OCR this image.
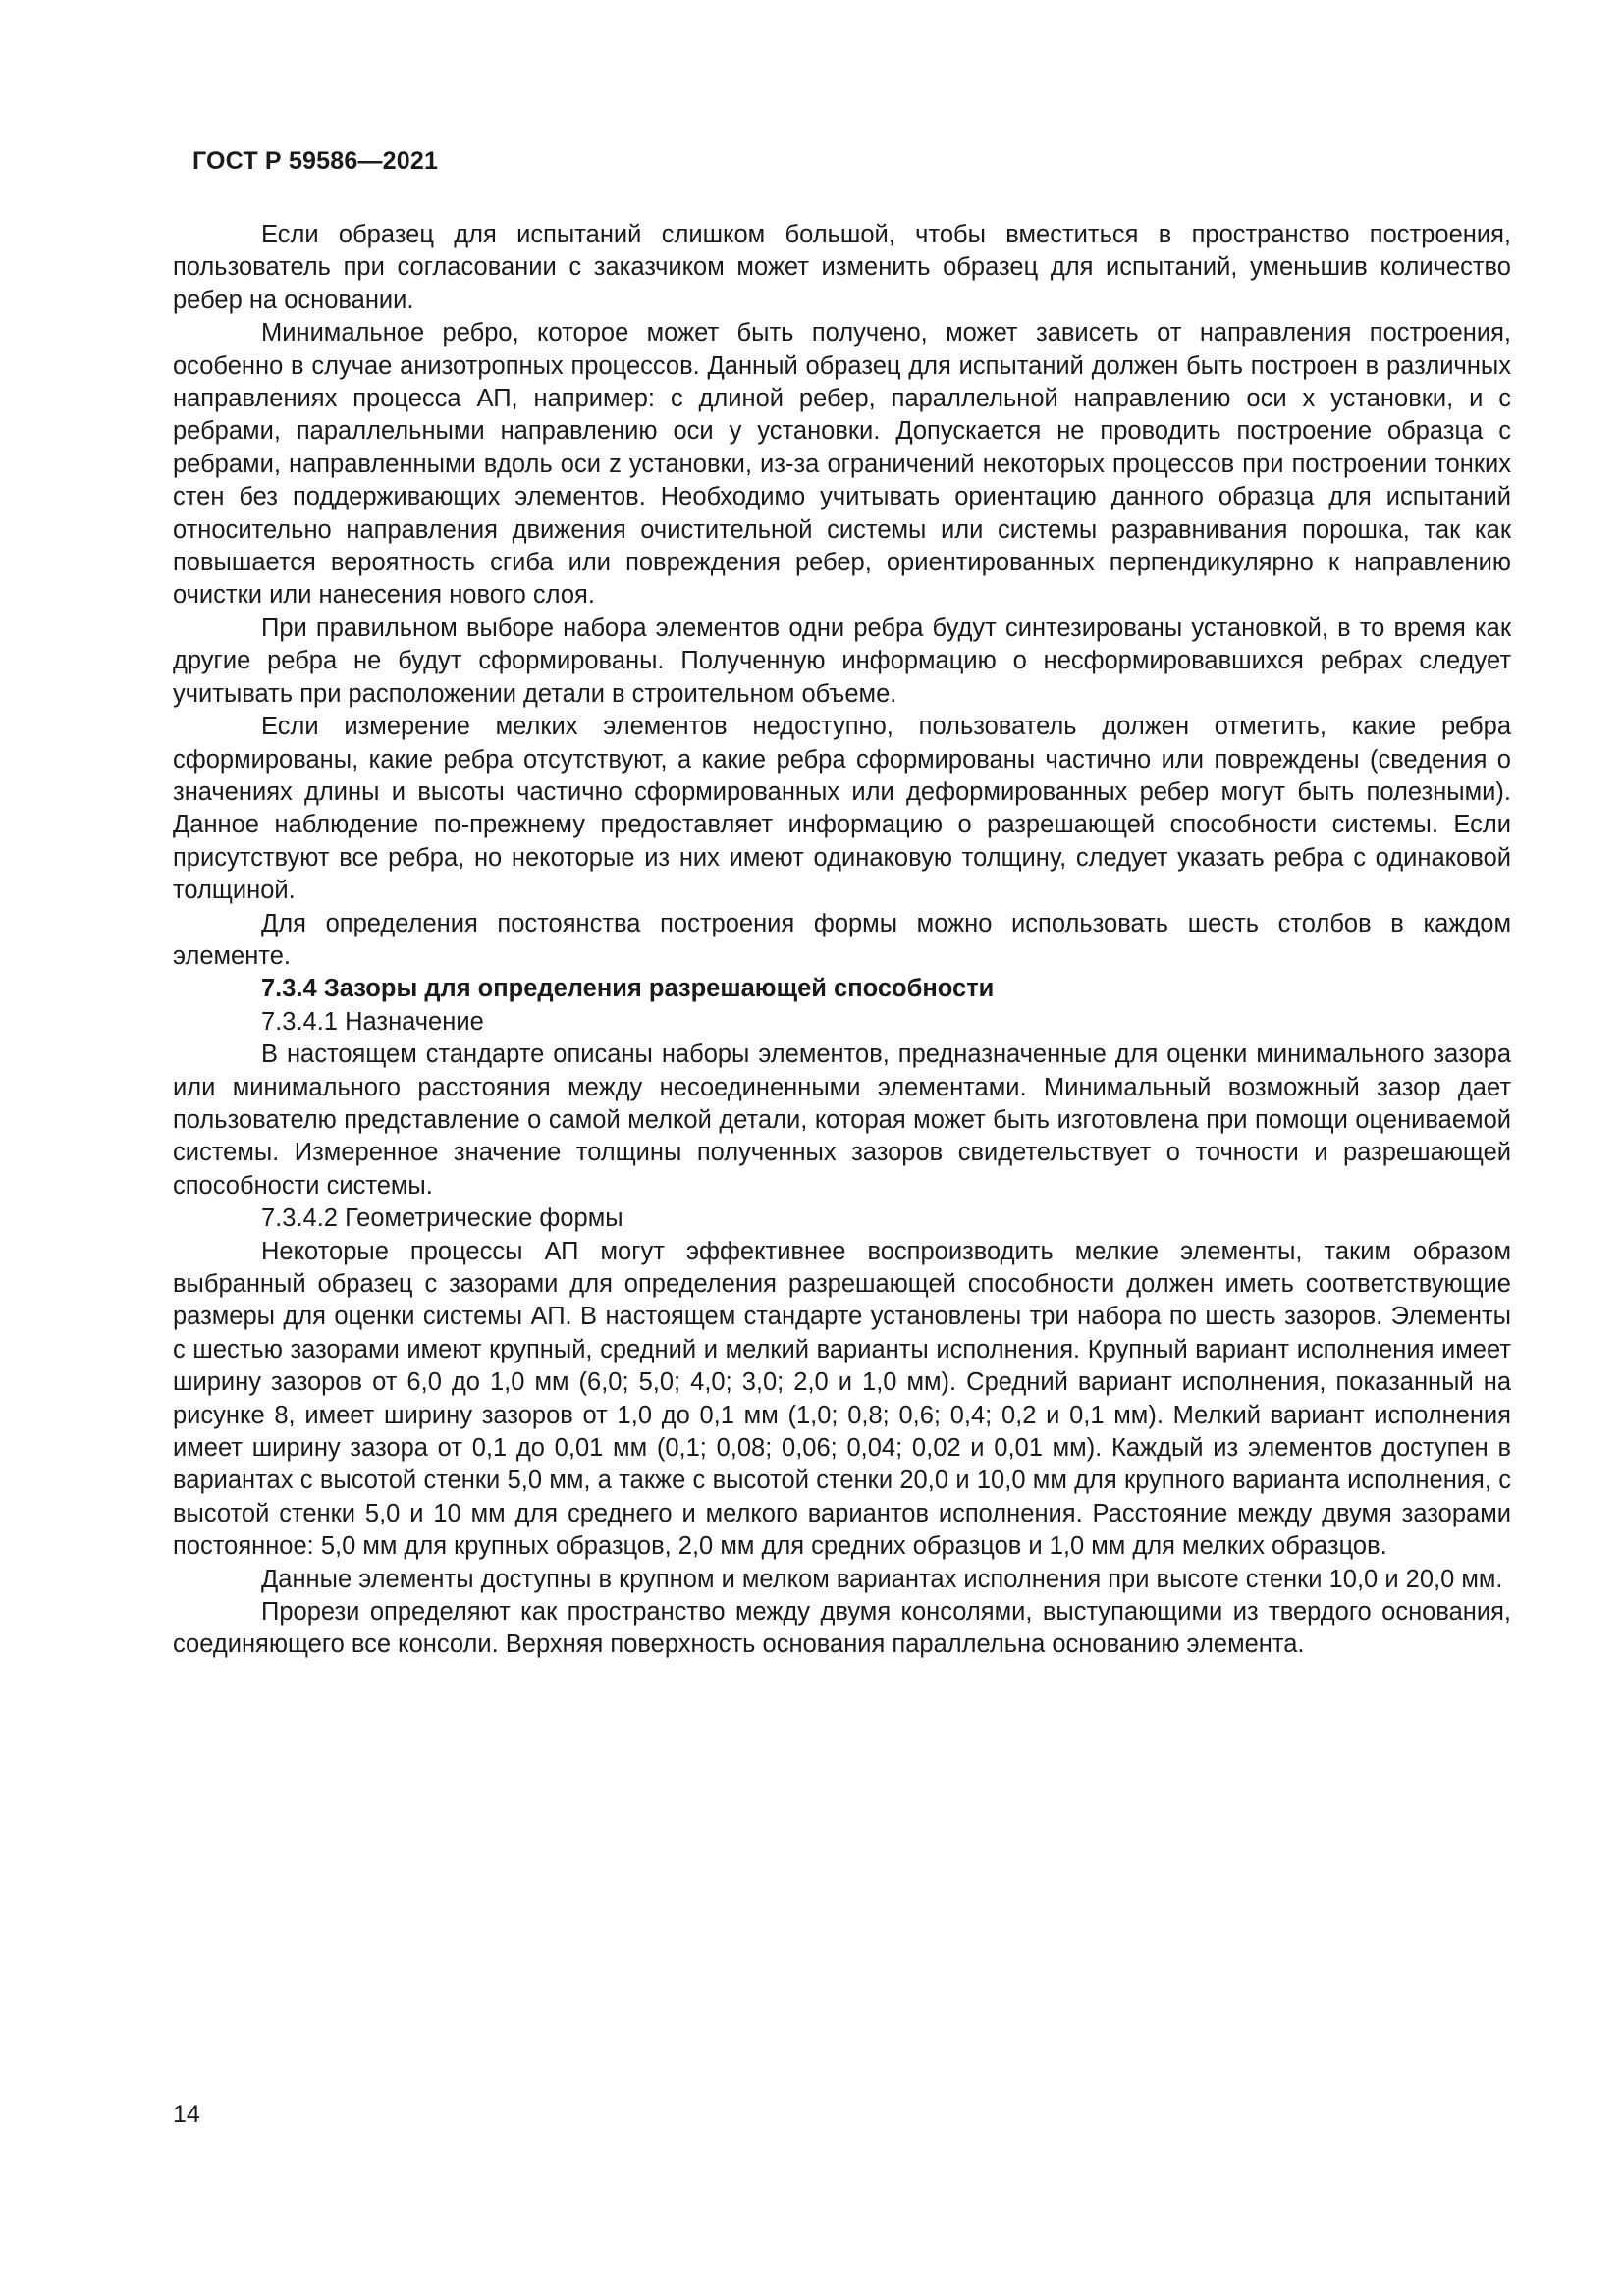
ГОСТ Р 59586—2021

Если образец для испытаний слишком большой, чтобы вместиться в пространство построения, пользователь при согласовании с заказчиком может изменить образец для испытаний, уменьшив количество ребер на основании.

Минимальное ребро, которое может быть получено, может зависеть от направления построения, особенно в случае анизотропных процессов. Данный образец для испытаний должен быть построен в различных направлениях процесса АП, например: с длиной ребер, параллельной направлению оси x установки, и с ребрами, параллельными направлению оси y установки. Допускается не проводить построение образца с ребрами, направленными вдоль оси z установки, из-за ограничений некоторых процессов при построении тонких стен без поддерживающих элементов. Необходимо учитывать ориентацию данного образца для испытаний относительно направления движения очистительной системы или системы разравнивания порошка, так как повышается вероятность сгиба или повреждения ребер, ориентированных перпендикулярно к направлению очистки или нанесения нового слоя.

При правильном выборе набора элементов одни ребра будут синтезированы установкой, в то время как другие ребра не будут сформированы. Полученную информацию о несформировавшихся ребрах следует учитывать при расположении детали в строительном объеме.

Если измерение мелких элементов недоступно, пользователь должен отметить, какие ребра сформированы, какие ребра отсутствуют, а какие ребра сформированы частично или повреждены (сведения о значениях длины и высоты частично сформированных или деформированных ребер могут быть полезными). Данное наблюдение по-прежнему предоставляет информацию о разрешающей способности системы. Если присутствуют все ребра, но некоторые из них имеют одинаковую толщину, следует указать ребра с одинаковой толщиной.

Для определения постоянства построения формы можно использовать шесть столбов в каждом элементе.

7.3.4 Зазоры для определения разрешающей способности

7.3.4.1 Назначение

В настоящем стандарте описаны наборы элементов, предназначенные для оценки минимального зазора или минимального расстояния между несоединенными элементами. Минимальный возможный зазор дает пользователю представление о самой мелкой детали, которая может быть изготовлена при помощи оцениваемой системы. Измеренное значение толщины полученных зазоров свидетельствует о точности и разрешающей способности системы.

7.3.4.2 Геометрические формы

Некоторые процессы АП могут эффективнее воспроизводить мелкие элементы, таким образом выбранный образец с зазорами для определения разрешающей способности должен иметь соответствующие размеры для оценки системы АП. В настоящем стандарте установлены три набора по шесть зазоров. Элементы с шестью зазорами имеют крупный, средний и мелкий варианты исполнения. Крупный вариант исполнения имеет ширину зазоров от 6,0 до 1,0 мм (6,0; 5,0; 4,0; 3,0; 2,0 и 1,0 мм). Средний вариант исполнения, показанный на рисунке 8, имеет ширину зазоров от 1,0 до 0,1 мм (1,0; 0,8; 0,6; 0,4; 0,2 и 0,1 мм). Мелкий вариант исполнения имеет ширину зазора от 0,1 до 0,01 мм (0,1; 0,08; 0,06; 0,04; 0,02 и 0,01 мм). Каждый из элементов доступен в вариантах с высотой стенки 5,0 мм, а также с высотой стенки 20,0 и 10,0 мм для крупного варианта исполнения, с высотой стенки 5,0 и 10 мм для среднего и мелкого вариантов исполнения. Расстояние между двумя зазорами постоянное: 5,0 мм для крупных образцов, 2,0 мм для средних образцов и 1,0 мм для мелких образцов.

Данные элементы доступны в крупном и мелком вариантах исполнения при высоте стенки 10,0 и 20,0 мм.

Прорези определяют как пространство между двумя консолями, выступающими из твердого основания, соединяющего все консоли. Верхняя поверхность основания параллельна основанию элемента.

14
